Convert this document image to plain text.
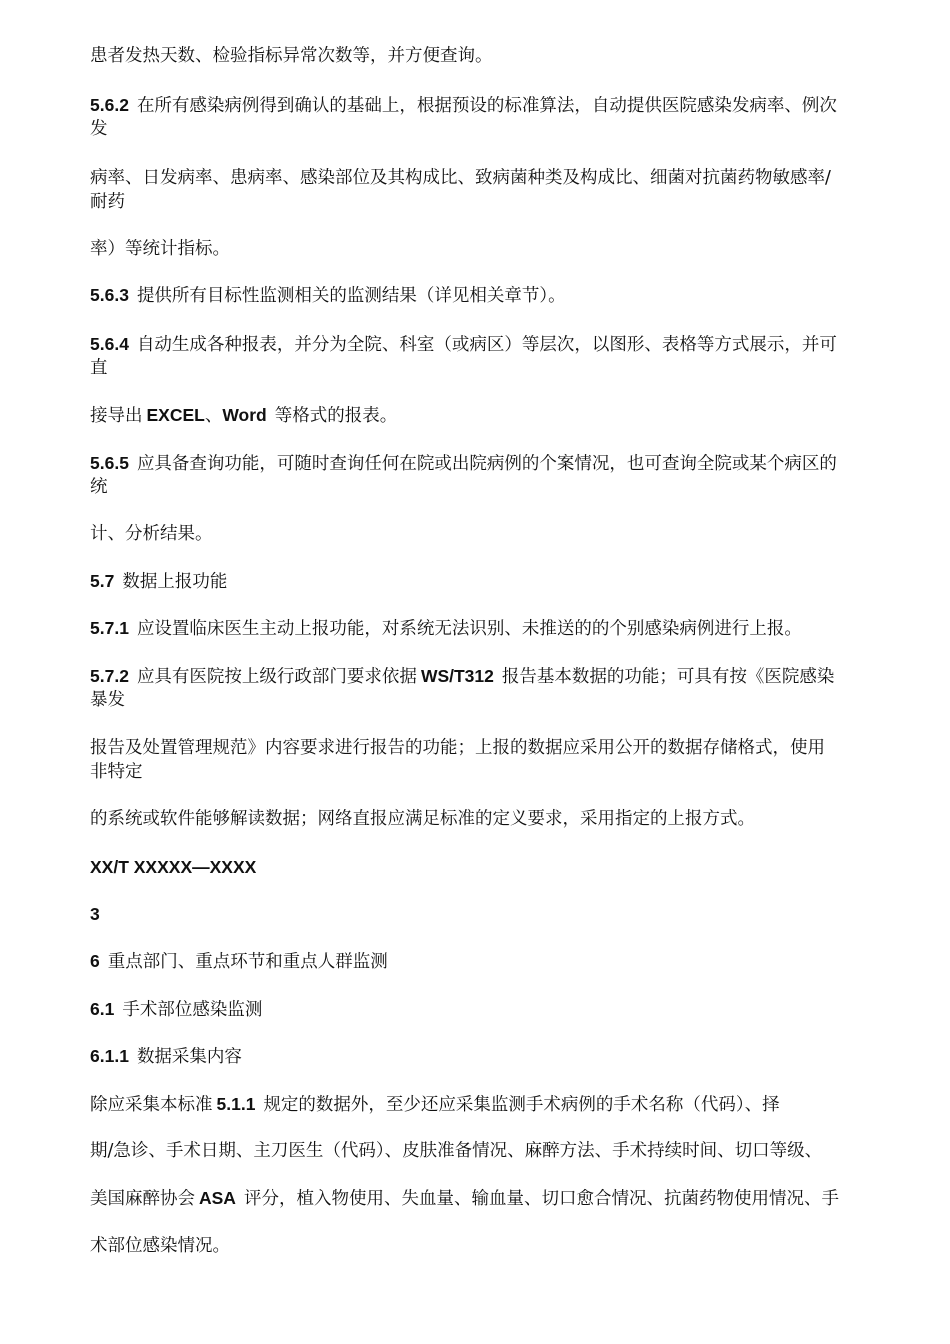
患者发热天数、检验指标异常次数等，并方便查询。
5.6.2 在所有感染病例得到确认的基础上，根据预设的标准算法，自动提供医院感染发病率、例次
发
病率、日发病率、患病率、感染部位及其构成比、致病菌种类及构成比、细菌对抗菌药物敏感率/
耐药
率）等统计指标。
5.6.3 提供所有目标性监测相关的监测结果（详见相关章节）。
5.6.4 自动生成各种报表，并分为全院、科室（或病区）等层次，以图形、表格等方式展示，并可
直
接导出 EXCEL、Word 等格式的报表。
5.6.5 应具备查询功能，可随时查询任何在院或出院病例的个案情况，也可查询全院或某个病区的
统
计、分析结果。
5.7 数据上报功能
5.7.1 应设置临床医生主动上报功能，对系统无法识别、未推送的的个别感染病例进行上报。
5.7.2 应具有医院按上级行政部门要求依据 WS/T312 报告基本数据的功能；可具有按《医院感染
暴发
报告及处置管理规范》内容要求进行报告的功能；上报的数据应采用公开的数据存储格式，使用
非特定
的系统或软件能够解读数据；网络直报应满足标准的定义要求，采用指定的上报方式。
XX/T XXXXX—XXXX
3
6 重点部门、重点环节和重点人群监测
6.1 手术部位感染监测
6.1.1 数据采集内容
除应采集本标准 5.1.1 规定的数据外，至少还应采集监测手术病例的手术名称（代码）、择
期/急诊、手术日期、主刀医生（代码）、皮肤准备情况、麻醉方法、手术持续时间、切口等级、
美国麻醉协会 ASA 评分，植入物使用、失血量、输血量、切口愈合情况、抗菌药物使用情况、手
术部位感染情况。
